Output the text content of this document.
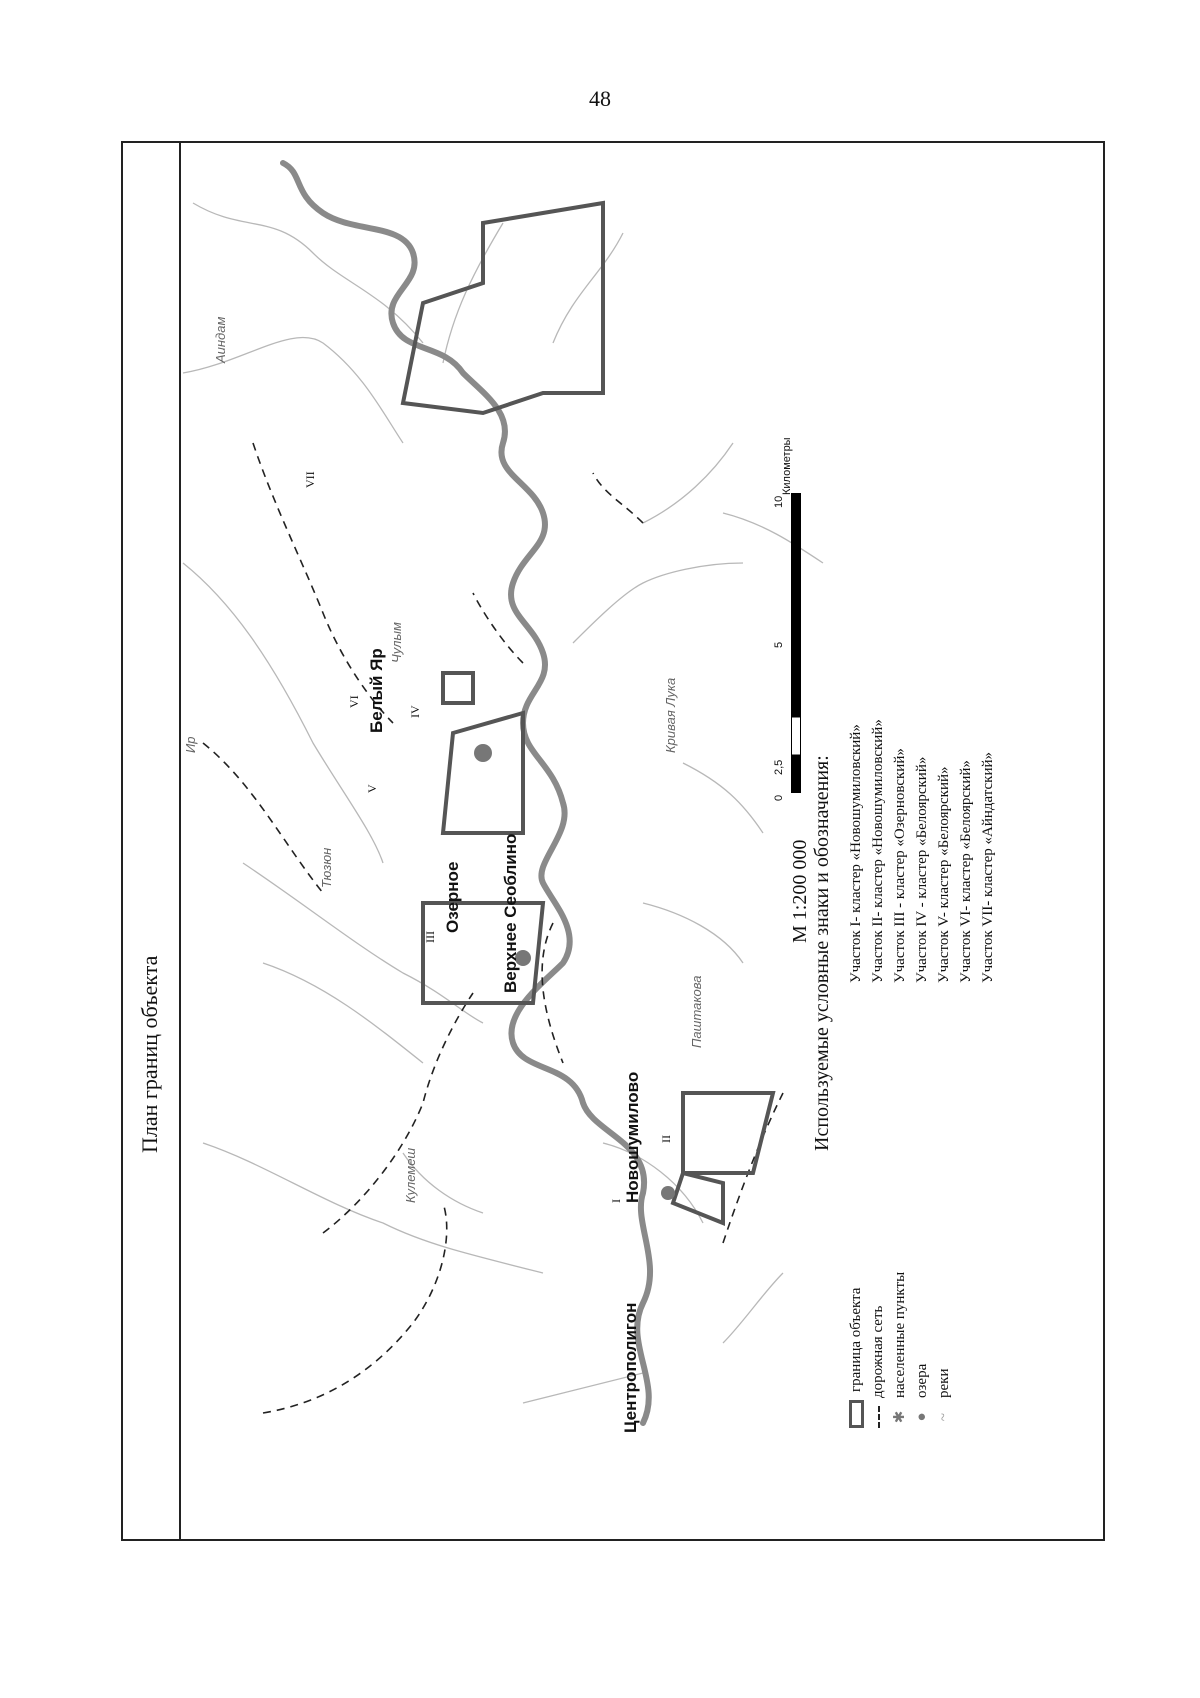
48
План границ объекта
Центрополигон
Новошумилово
Верхнее Сеоблино
Озерное
Белый Яр
Кулемеш
Паштакова
Тюзюн
Ир	Кривая Лука
Чулым
Аиндам
I
II
III
IV
V
VI
VII
М 1:200 000
0
2,5
5
10
Километры
Используемые условные знаки и обозначения:
граница объекта дорожная сеть
✱населенные пункты
●озера
~реки
Участок I- кластер «Новошумиловский» Участок II- кластер «Новошумиловский» Участок III - кластер «Озерновский» Участок IV - кластер «Белоярский» Участок V- кластер «Белоярский» Участок VI- кластер «Белоярский» Участок VII- кластер «Айндатский»
